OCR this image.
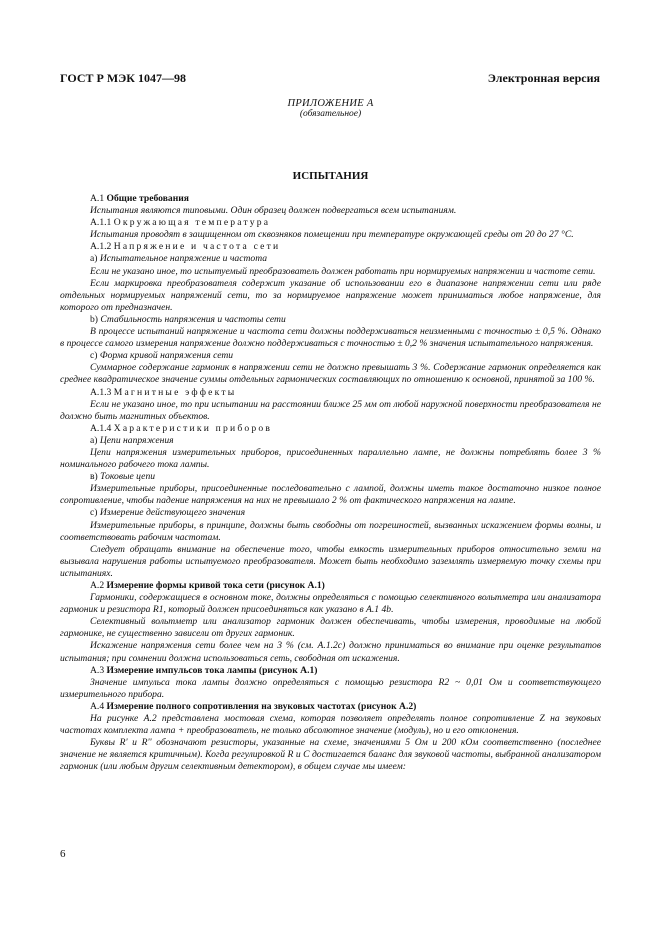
ГОСТ Р МЭК 1047—98	Электронная версия
ПРИЛОЖЕНИЕ А
(обязательное)
ИСПЫТАНИЯ

А.1 Общие требования

Испытания являются типовыми. Один образец должен подвергаться всем испытаниям.

А.1.1 Окружающая температура

Испытания проводят в защищенном от сквозняков помещении при температуре окружающей среды от 20 до 27 °С.

А.1.2 Напряжение и частота сети

а) Испытательное напряжение и частота

Если не указано иное, то испытуемый преобразователь должен работать при нормируемых напряжении и частоте сети.

Если маркировка преобразователя содержит указание об использовании его в диапазоне напряжении сети или ряде отдельных нормируемых напряжений сети, то за нормируемое напряжение может приниматься любое напряжение, для которого от предназначен.

b) Стабильность напряжения и частоты сети

В процессе испытаний напряжение и частота сети должны поддерживаться неизменными с точностью ± 0,5 %. Однако в процессе самого измерения напряжение должно поддерживаться с точностью ± 0,2 % значения испытательного напряжения.

с) Форма кривой напряжения сети

Суммарное содержание гармоник в напряжении сети не должно превышать 3 %. Содержание гармоник определяется как среднее квадратическое значение суммы отдельных гармонических составляющих по отношению к основной, принятой за 100 %.

А.1.3 Магнитные эффекты

Если не указано иное, то при испытании на расстоянии ближе 25 мм от любой наружной поверхности преобразователя не должно быть магнитных объектов.

А.1.4 Характеристики приборов

а) Цепи напряжения

Цепи напряжения измерительных приборов, присоединенных параллельно лампе, не должны потреблять более 3 % номинального рабочего тока лампы.

в) Токовые цепи

Измерительные приборы, присоединенные последовательно с лампой, должны иметь такое достаточно низкое полное сопротивление, чтобы падение напряжения на них не превышало 2 % от фактического напряжения на лампе.

с) Измерение действующего значения

Измерительные приборы, в принципе, должны быть свободны от погрешностей, вызванных искажением формы волны, и соответствовать рабочим частотам.

Следует обращать внимание на обеспечение того, чтобы емкость измерительных приборов относительно земли на вызывала нарушения работы испытуемого преобразователя. Может быть необходимо заземлять измеряемую точку схемы при испытаниях.

А.2 Измерение формы кривой тока сети (рисунок А.1)

Гармоники, содержащиеся в основном токе, должны определяться с помощью селективного вольтметра или анализатора гармоник и резистора R1, который должен присоединяться как указано в А.1 4b.

Селективный вольтметр или анализатор гармоник должен обеспечивать, чтобы измерения, проводимые на любой гармонике, не существенно зависели от других гармоник.

Искажение напряжения сети более чем на 3 % (см. А.1.2с) должно приниматься во внимание при оценке результатов испытания; при сомнении должна использоваться сеть, свободная от искажения.

А.3 Измерение импульсов тока лампы (рисунок А.1)

Значение импульса тока лампы должно определяться с помощью резистора R2 ~ 0,01 Ом и соответствующего измерительного прибора.

А.4 Измерение полного сопротивления на звуковых частотах (рисунок А.2)

На рисунке А.2 представлена мостовая схема, которая позволяет определять полное сопротивление Z на звуковых частотах комплекта лампа + преобразователь, не только абсолютное значение (модуль), но и его отклонения.

Буквы R' и R'' обозначают резисторы, указанные на схеме, значениями 5 Ом и 200 кОм соответственно (последнее значение не является критичным). Когда регулировкой R и С достигается баланс для звуковой частоты, выбранной анализатором гармоник (или любым другим селективным детектором), в общем случае мы имеем:

6
